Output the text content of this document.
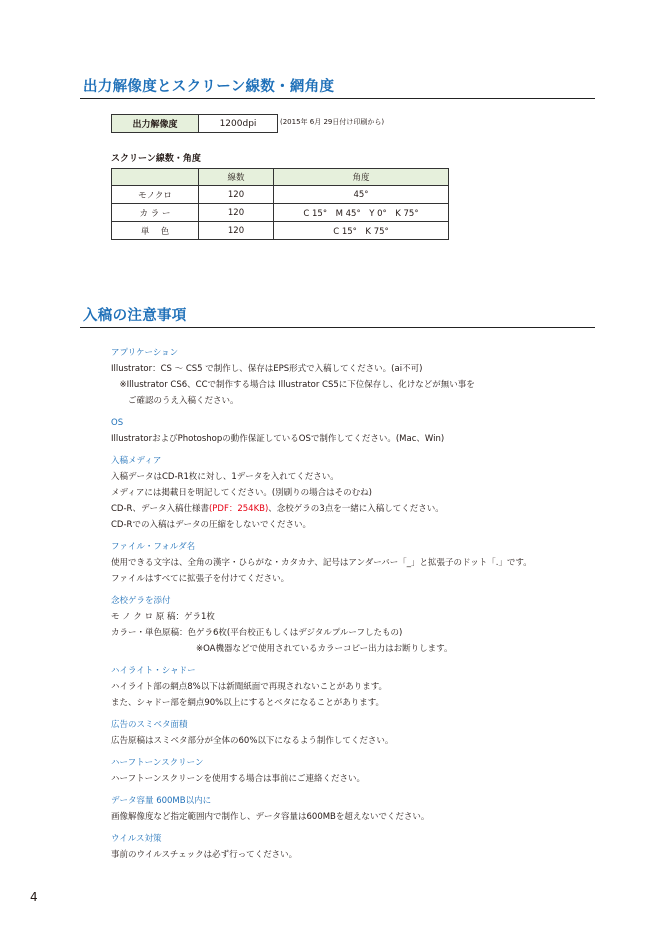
出力解像度とスクリーン線数・網角度
出力解像度	1200dpi	(2015年 6月 29日付け印刷から)
スクリーン線数・角度
	線数	角度
モノクロ	120	45°
カ ラ ー	120	C 15°　M 45°　Y 0°　K 75°
単　 色	120	C 15°　K 75°
入稿の注意事項
アプリケーション
Illustrator：CS ～ CS5 で制作し、保存はEPS形式で入稿してください。(ai不可)
　※Illustrator CS6、CCで制作する場合は Illustrator CS5に下位保存し、化けなどが無い事を
　　ご確認のうえ入稿ください。
OS
IllustratorおよびPhotoshopの動作保証しているOSで制作してください。(Mac、Win)
入稿メディア
入稿データはCD-R1枚に対し、1データを入れてください。
メディアには掲載日を明記してください。(別刷りの場合はそのむね)
CD-R、データ入稿仕様書(PDF：254KB)、念校ゲラの3点を一緒に入稿してください。
CD-Rでの入稿はデータの圧縮をしないでください。
ファイル・フォルダ名
使用できる文字は、全角の漢字・ひらがな・カタカナ、記号はアンダーバー「_」と拡張子のドット「.」です。
ファイルはすべてに拡張子を付けてください。
念校ゲラを添付
モ ノ ク ロ 原 稿：ゲラ1枚
カラー・単色原稿：色ゲラ6枚(平台校正もしくはデジタルプルーフしたもの)
　　　　　　　　　　※OA機器などで使用されているカラーコピー出力はお断りします。
ハイライト・シャドー
ハイライト部の網点8%以下は新聞紙面で再現されないことがあります。
また、シャドー部を網点90%以上にするとベタになることがあります。
広告のスミベタ面積
広告原稿はスミベタ部分が全体の60%以下になるよう制作してください。
ハーフトーンスクリーン
ハーフトーンスクリーンを使用する場合は事前にご連絡ください。
データ容量 600MB以内に
画像解像度など指定範囲内で制作し、データ容量は600MBを超えないでください。
ウイルス対策
事前のウイルスチェックは必ず行ってください。
4
